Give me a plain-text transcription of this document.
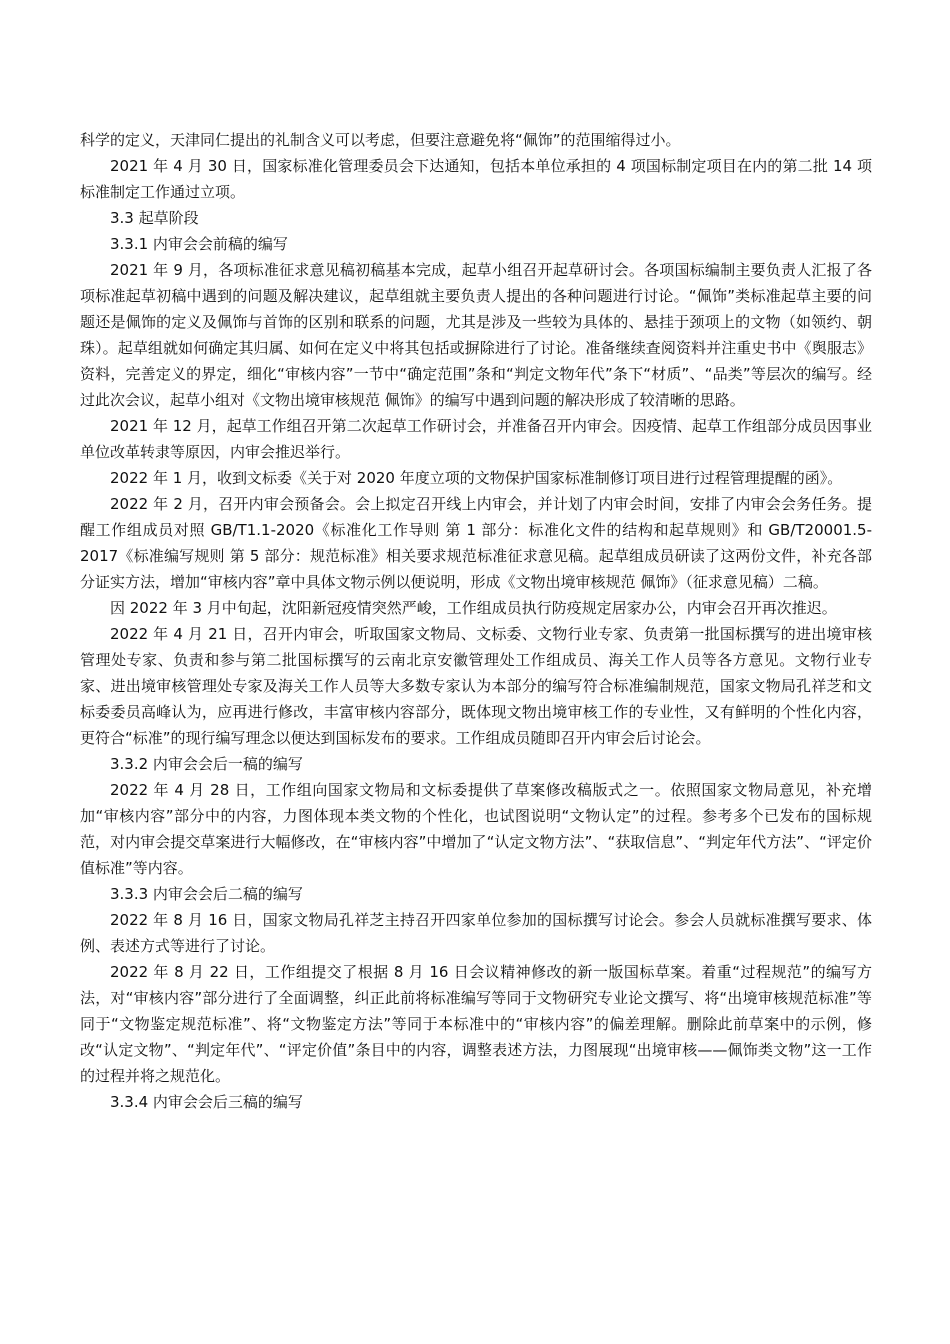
科学的定义，天津同仁提出的礼制含义可以考虑，但要注意避免将“佩饰”的范围缩得过小。

2021 年 4 月 30 日，国家标准化管理委员会下达通知，包括本单位承担的 4 项国标制定项目在内的第二批 14 项标准制定工作通过立项。

3.3 起草阶段

3.3.1 内审会会前稿的编写

2021 年 9 月，各项标准征求意见稿初稿基本完成，起草小组召开起草研讨会。各项国标编制主要负责人汇报了各项标准起草初稿中遇到的问题及解决建议，起草组就主要负责人提出的各种问题进行讨论。“佩饰”类标准起草主要的问题还是佩饰的定义及佩饰与首饰的区别和联系的问题，尤其是涉及一些较为具体的、悬挂于颈项上的文物（如领约、朝珠）。起草组就如何确定其归属、如何在定义中将其包括或摒除进行了讨论。准备继续查阅资料并注重史书中《舆服志》资料，完善定义的界定，细化“审核内容”一节中“确定范围”条和“判定文物年代”条下“材质”、“品类”等层次的编写。经过此次会议，起草小组对《文物出境审核规范 佩饰》的编写中遇到问题的解决形成了较清晰的思路。

2021 年 12 月，起草工作组召开第二次起草工作研讨会，并准备召开内审会。因疫情、起草工作组部分成员因事业单位改革转隶等原因，内审会推迟举行。

2022 年 1 月，收到文标委《关于对 2020 年度立项的文物保护国家标准制修订项目进行过程管理提醒的函》。

2022 年 2 月，召开内审会预备会。会上拟定召开线上内审会，并计划了内审会时间，安排了内审会会务任务。提醒工作组成员对照 GB/T1.1-2020《标准化工作导则 第 1 部分：标准化文件的结构和起草规则》和 GB/T20001.5-2017《标准编写规则 第 5 部分：规范标准》相关要求规范标准征求意见稿。起草组成员研读了这两份文件，补充各部分证实方法，增加“审核内容”章中具体文物示例以便说明，形成《文物出境审核规范 佩饰》（征求意见稿）二稿。

因 2022 年 3 月中旬起，沈阳新冠疫情突然严峻，工作组成员执行防疫规定居家办公，内审会召开再次推迟。

2022 年 4 月 21 日，召开内审会，听取国家文物局、文标委、文物行业专家、负责第一批国标撰写的进出境审核管理处专家、负责和参与第二批国标撰写的云南北京安徽管理处工作组成员、海关工作人员等各方意见。文物行业专家、进出境审核管理处专家及海关工作人员等大多数专家认为本部分的编写符合标准编制规范，国家文物局孔祥芝和文标委委员高峰认为，应再进行修改，丰富审核内容部分，既体现文物出境审核工作的专业性，又有鲜明的个性化内容，更符合“标准”的现行编写理念以便达到国标发布的要求。工作组成员随即召开内审会后讨论会。

3.3.2 内审会会后一稿的编写

2022 年 4 月 28 日，工作组向国家文物局和文标委提供了草案修改稿版式之一。依照国家文物局意见，补充增加“审核内容”部分中的内容，力图体现本类文物的个性化，也试图说明“文物认定”的过程。参考多个已发布的国标规范，对内审会提交草案进行大幅修改，在“审核内容”中增加了“认定文物方法”、“获取信息”、“判定年代方法”、“评定价值标准”等内容。

3.3.3 内审会会后二稿的编写

2022 年 8 月 16 日，国家文物局孔祥芝主持召开四家单位参加的国标撰写讨论会。参会人员就标准撰写要求、体例、表述方式等进行了讨论。

2022 年 8 月 22 日，工作组提交了根据 8 月 16 日会议精神修改的新一版国标草案。着重“过程规范”的编写方法，对“审核内容”部分进行了全面调整，纠正此前将标准编写等同于文物研究专业论文撰写、将“出境审核规范标准”等同于“文物鉴定规范标准”、将“文物鉴定方法”等同于本标准中的“审核内容”的偏差理解。删除此前草案中的示例，修改“认定文物”、“判定年代”、“评定价值”条目中的内容，调整表述方法，力图展现“出境审核——佩饰类文物”这一工作的过程并将之规范化。

3.3.4 内审会会后三稿的编写
